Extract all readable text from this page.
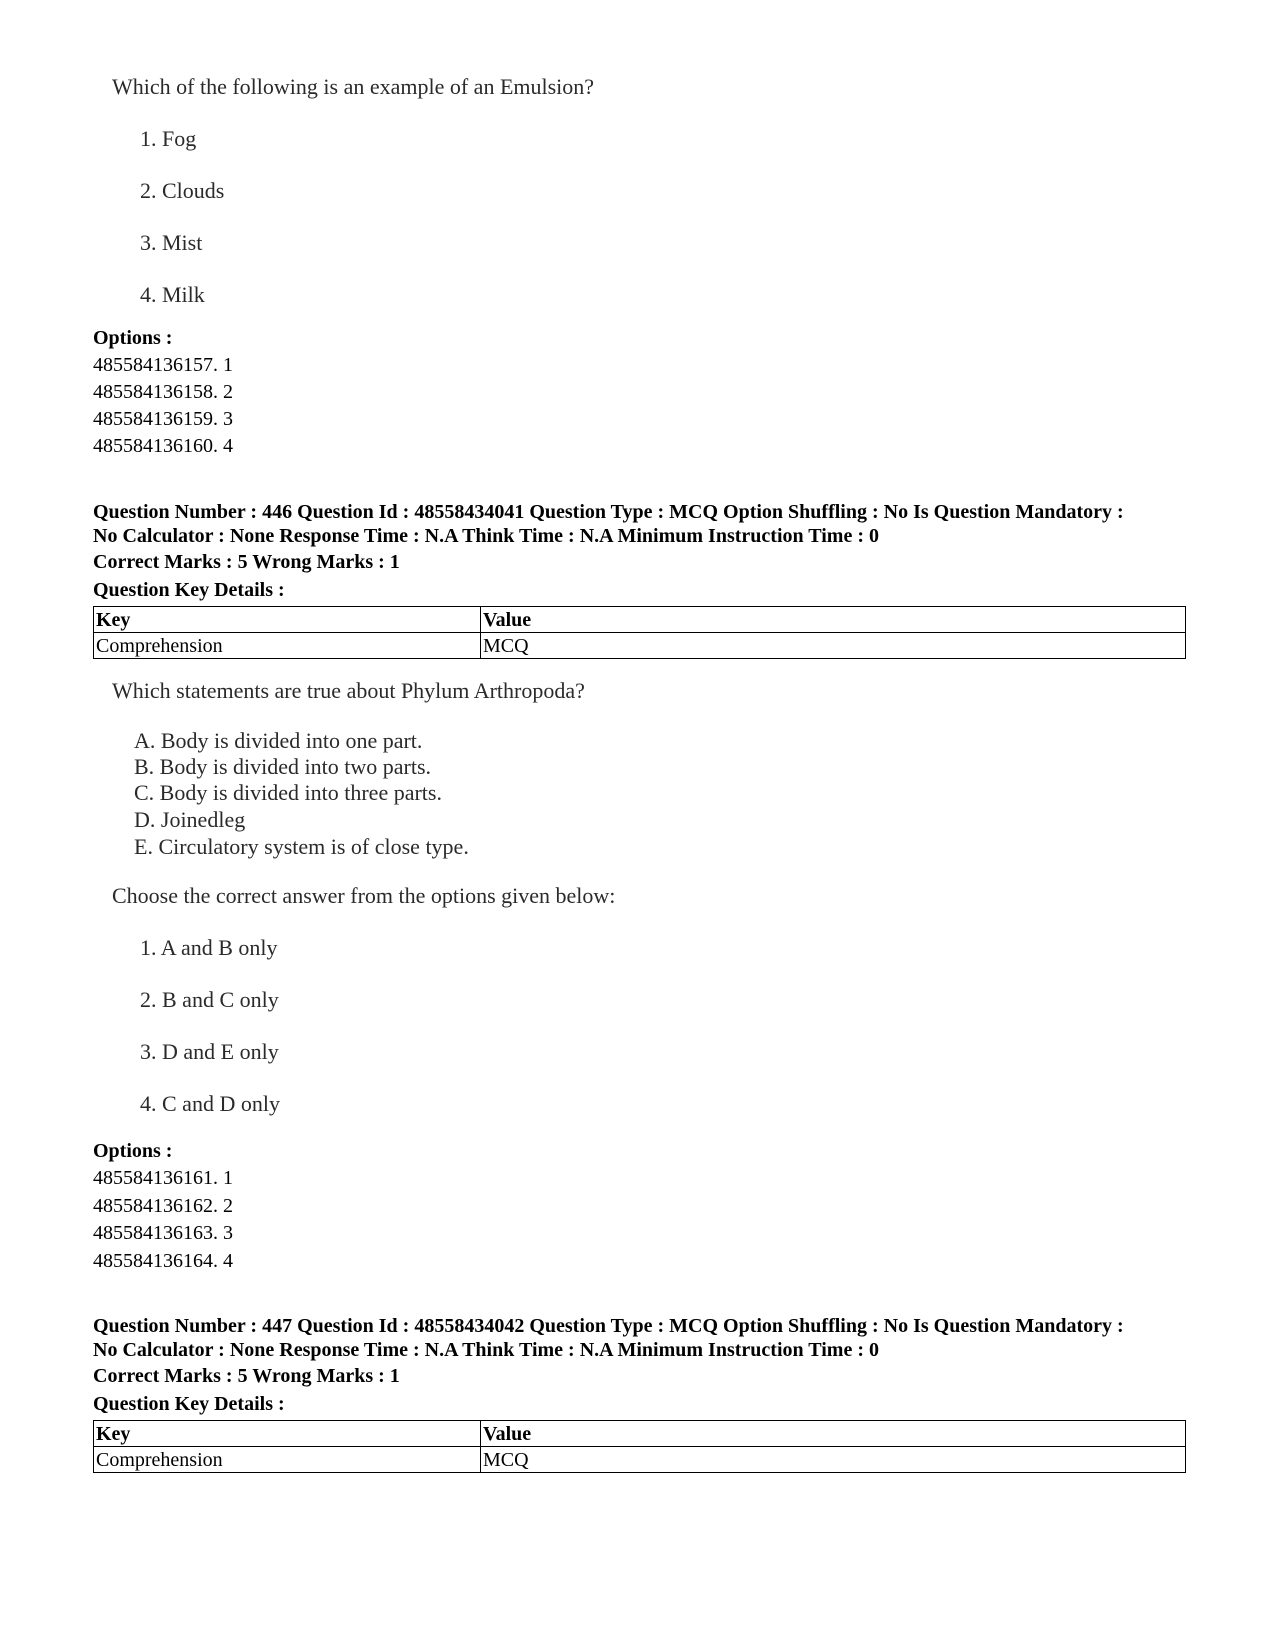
Which of the following is an example of an Emulsion?
1. Fog
2. Clouds
3. Mist
4. Milk
Options :
485584136157. 1
485584136158. 2
485584136159. 3
485584136160. 4
Question Number : 446 Question Id : 48558434041 Question Type : MCQ Option Shuffling : No Is Question Mandatory :
No Calculator : None Response Time : N.A Think Time : N.A Minimum Instruction Time : 0
Correct Marks : 5 Wrong Marks : 1
Question Key Details :
Key	Value
Comprehension	MCQ
Which statements are true about Phylum Arthropoda?
A. Body is divided into one part.
B. Body is divided into two parts.
C. Body is divided into three parts.
D. Joinedleg
E. Circulatory system is of close type.
Choose the correct answer from the options given below:
1. A and B only
2. B and C only
3. D and E only
4. C and D only
Options :
485584136161. 1
485584136162. 2
485584136163. 3
485584136164. 4
Question Number : 447 Question Id : 48558434042 Question Type : MCQ Option Shuffling : No Is Question Mandatory :
No Calculator : None Response Time : N.A Think Time : N.A Minimum Instruction Time : 0
Correct Marks : 5 Wrong Marks : 1
Question Key Details :
Key	Value
Comprehension	MCQ
